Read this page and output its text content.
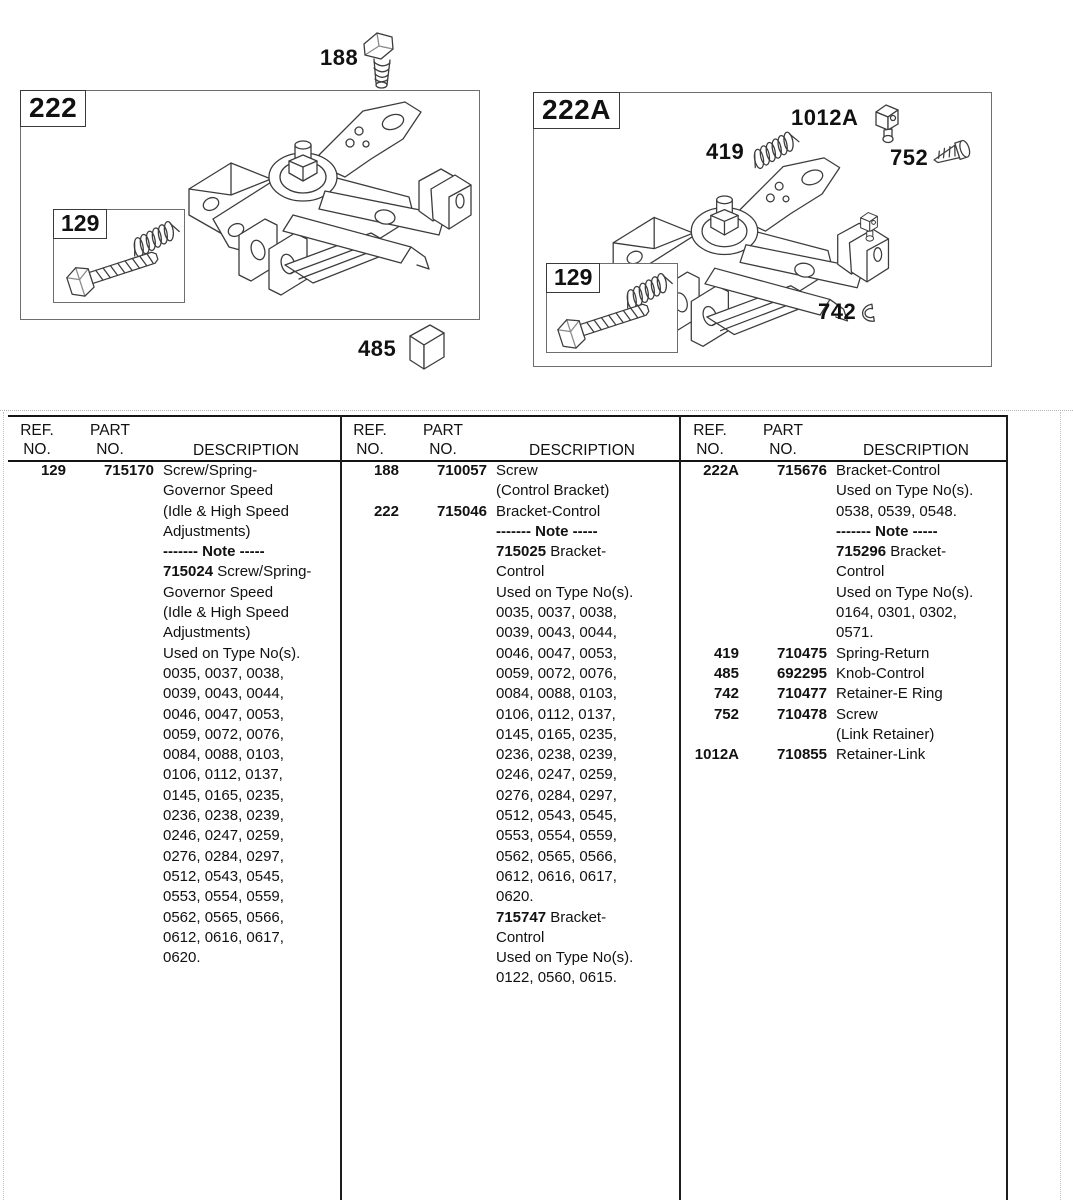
188
222
129
485
222A	1012A
419	752
742
129
REF.
NO.
PART
NO.	DESCRIPTION
129	715170 Screw/Spring-
Governor Speed
(Idle & High Speed
Adjustments)
------- Note -----
715024 Screw/Spring-
Governor Speed
(Idle & High Speed
Adjustments)
Used on Type No(s).
0035, 0037, 0038,
0039, 0043, 0044,
0046, 0047, 0053,
0059, 0072, 0076,
0084, 0088, 0103,
0106, 0112, 0137,
0145, 0165, 0235,
0236, 0238, 0239,
0246, 0247, 0259,
0276, 0284, 0297,
0512, 0543, 0545,
0553, 0554, 0559,
0562, 0565, 0566,
0612, 0616, 0617,
0620.
REF.
NO.
PART
NO.	DESCRIPTION
188	710057 Screw
(Control Bracket)
222	715046 Bracket-Control
------- Note -----
715025 Bracket-
Control
Used on Type No(s).
0035, 0037, 0038,
0039, 0043, 0044,
0046, 0047, 0053,
0059, 0072, 0076,
0084, 0088, 0103,
0106, 0112, 0137,
0145, 0165, 0235,
0236, 0238, 0239,
0246, 0247, 0259,
0276, 0284, 0297,
0512, 0543, 0545,
0553, 0554, 0559,
0562, 0565, 0566,
0612, 0616, 0617,
0620.
715747 Bracket-
Control
Used on Type No(s).
0122, 0560, 0615.
REF.
NO.
PART
NO.	DESCRIPTION
222A	715676 Bracket-Control
Used on Type No(s).
0538, 0539, 0548.
------- Note -----
715296 Bracket-
Control
Used on Type No(s).
0164, 0301, 0302,
0571.
419	710475 Spring-Return
485	692295 Knob-Control
742	710477 Retainer-E Ring
752	710478 Screw
(Link Retainer)
1012A	710855 Retainer-Link
